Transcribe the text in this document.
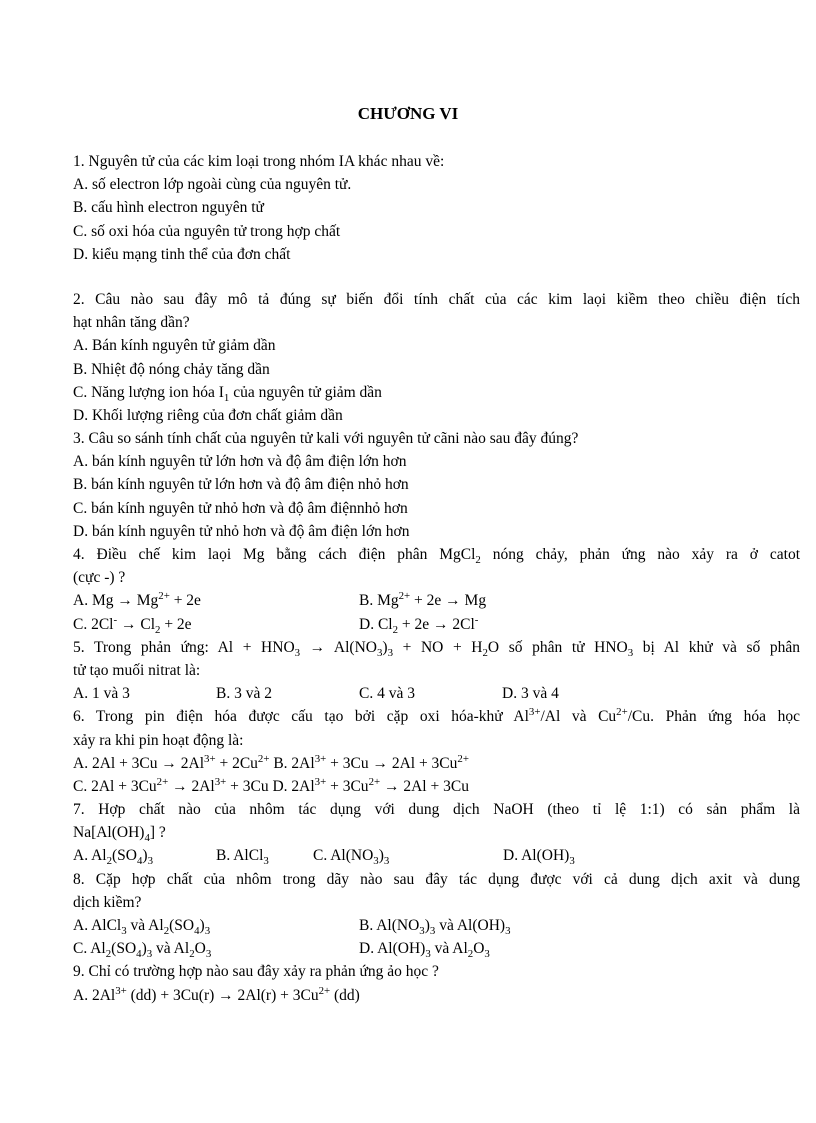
CHƯƠNG VI
1. Nguyên tử của các kim loại trong nhóm IA khác nhau về:
A. số electron lớp ngoài cùng của nguyên tử.
B. cấu hình electron nguyên tử
C. số oxi hóa của nguyên tử trong hợp chất
D. kiểu mạng tinh thể của đơn chất
2. Câu nào sau đây mô tả đúng sự biến đổi tính chất của các kim laọi kiềm theo chiều điện tích
hạt nhân tăng dần?
A. Bán kính nguyên tử giảm dần
B. Nhiệt độ nóng chảy tăng dần
C. Năng lượng ion hóa $I_1$ của nguyên tử giảm dần
D. Khối lượng riêng của đơn chất giảm dần
3. Câu so sánh tính chất của nguyên tử kali với nguyên tử cãni nào sau đây đúng?
A. bán kính nguyên tử lớn hơn và độ âm điện lớn hơn
B. bán kính nguyên tử lớn hơn và độ âm điện nhỏ hơn
C. bán kính nguyên tử nhỏ hơn và độ âm điệnnhỏ hơn
D. bán kính nguyên tử nhỏ hơn và độ âm điện lớn hơn
4. Điều chế kim laọi Mg bằng cách điện phân MgCl$_2$ nóng chảy, phản ứng nào xảy ra ở catot
(cực -) ?
A. $Mg \to Mg^{2+} + 2e$	B. $Mg^{2+} + 2e \to Mg$
C. $2Cl^- \to Cl_2 + 2e$	D. $Cl_2 + 2e \to 2Cl^-$
5. Trong phản ứng: $Al + HNO_3 \to Al(NO_3)_3$ + NO + $H_2O$ số phân tử $HNO_3$ bị Al khử và số phân
tử tạo muối nitrat là:
A. 1 và 3	B. 3 và 2	C. 4 và 3	D. 3 và 4
6. Trong pin điện hóa được cấu tạo bởi cặp oxi hóa-khử $Al^{3+}/Al$ và $Cu^{2+}/Cu$. Phản ứng hóa học
xảy ra khi pin hoạt động là:
A. $2Al + 3Cu \to 2Al^{3+} + 2Cu^{2+}$ B. $2Al^{3+} + 3Cu \to 2Al + 3Cu^{2+}$
C. $2Al + 3Cu^{2+} \to 2Al^{3+} + 3Cu$ D. $2Al^{3+} + 3Cu^{2+} \to 2Al + 3Cu$
7. Hợp chất nào của nhôm tác dụng với dung dịch NaOH (theo tỉ lệ 1:1) có sản phẩm là
$Na[Al(OH)_4]$ ?
A. $Al_2(SO_4)_3$	B. AlCl$_3$	C. $Al(NO_3)_3$	D. $Al(OH)_3$
8. Cặp hợp chất của nhôm trong dãy nào sau đây tác dụng được với cả dung dịch axit và dung
dịch kiềm?
A. AlCl$_3$ và $Al_2(SO_4)_3$	B. $Al(NO_3)_3$ và $Al(OH)_3$
C. $Al_2(SO_4)_3$ và $Al_2O_3$	D. $Al(OH)_3$ và $Al_2O_3$
9. Chỉ có trường hợp nào sau đây xảy ra phản ứng ảo học ?
A. $2Al^{3+}$ $(dd) + 3Cu(r) \to 2Al(r) + 3Cu^{2+}$ (dd)
